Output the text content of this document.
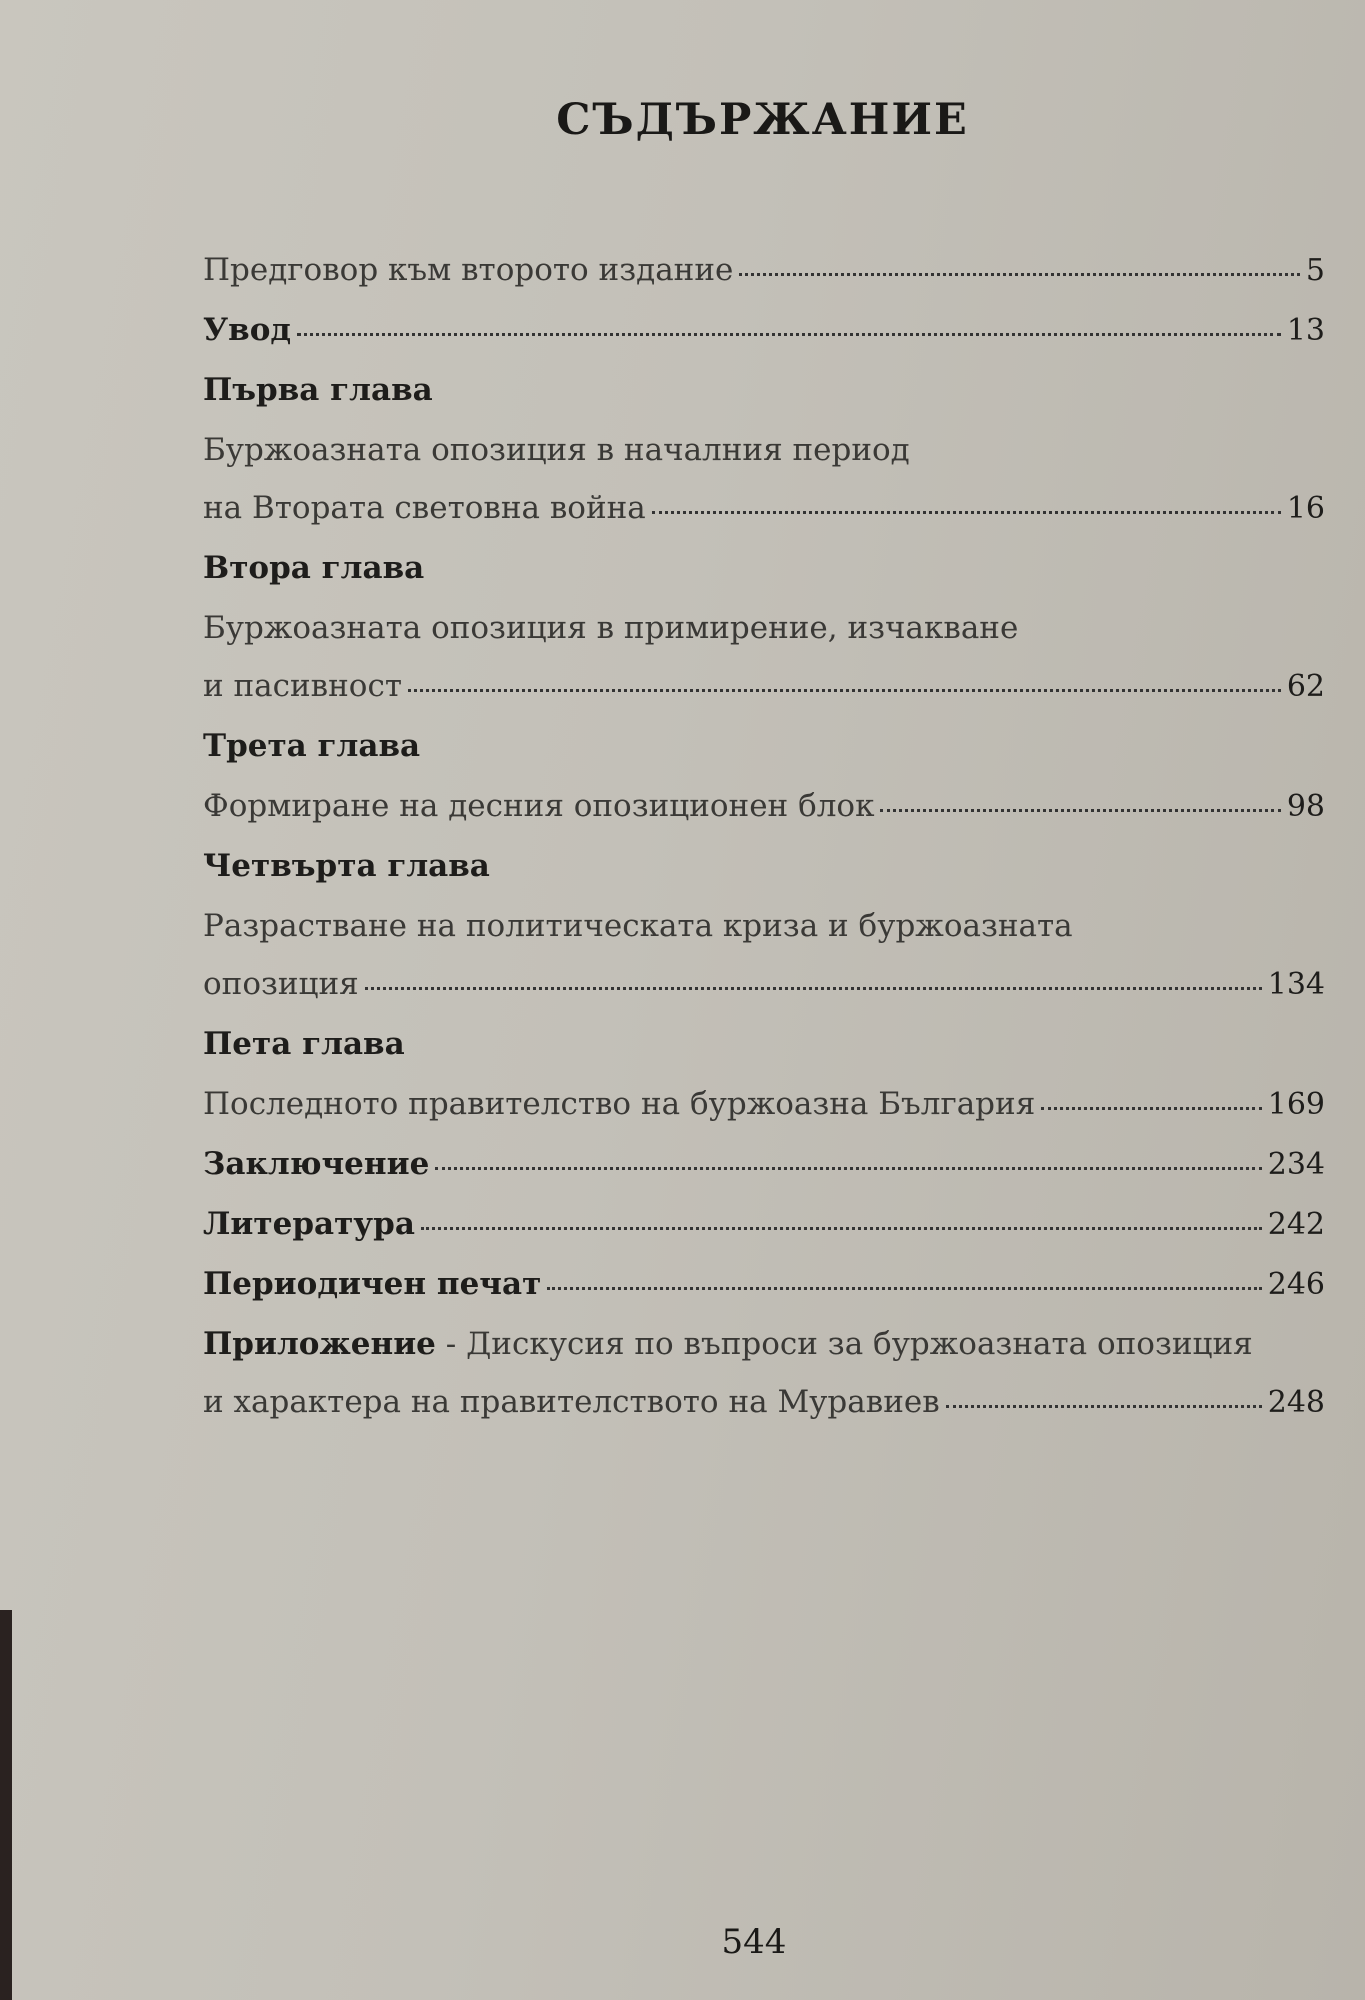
СЪДЪРЖАНИЕ
Предговор към второто издание	5
Увод	13
Първа глава
Буржоазната опозиция в началния период
на Втората световна война	16
Втора глава
Буржоазната опозиция в примирение, изчакване
и пасивност	62
Трета глава
Формиране на десния опозиционен блок	98
Четвърта глава
Разрастване на политическата криза и буржоазната
опозиция	134
Пета глава
Последното правителство на буржоазна България	169
Заключение	234
Литература	242
Периодичен печат	246
Приложение - Дискусия по въпроси за буржоазната опозиция
и характера на правителството на Муравиев	248
544
